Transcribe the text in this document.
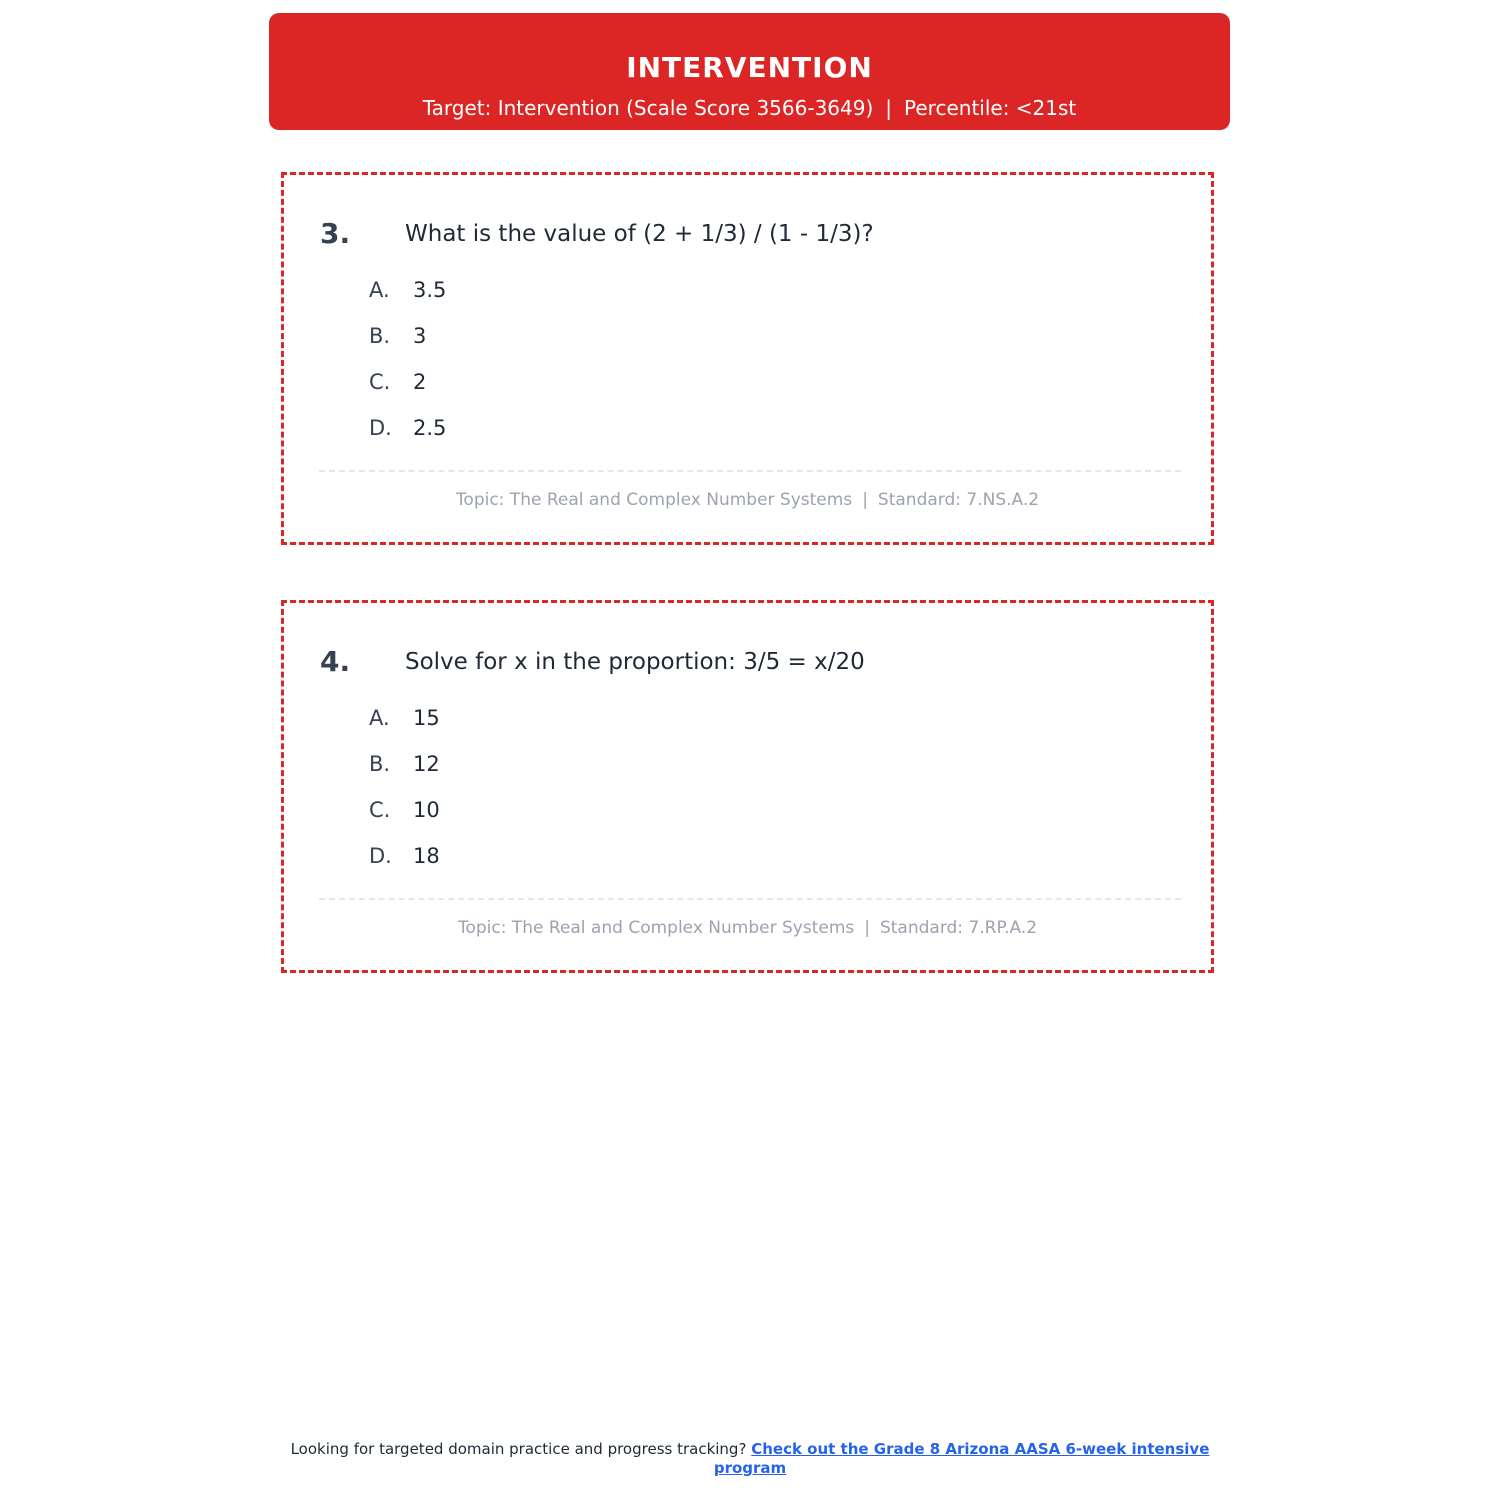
INTERVENTION
Target: Intervention (Scale Score 3566-3649) | Percentile: <21st
3. What is the value of (2 + 1/3) / (1 - 1/3)?
A.	3.5
B.	3
C.	2
D.	2.5
Topic: The Real and Complex Number Systems | Standard: 7.NS.A.2
4. Solve for x in the proportion: 3/5 = x/20
A.	15
B.	12
C.	10
D.	18
Topic: The Real and Complex Number Systems | Standard: 7.RP.A.2
Looking for targeted domain practice and progress tracking? Check out the Grade 8 Arizona AASA 6-week intensive program
